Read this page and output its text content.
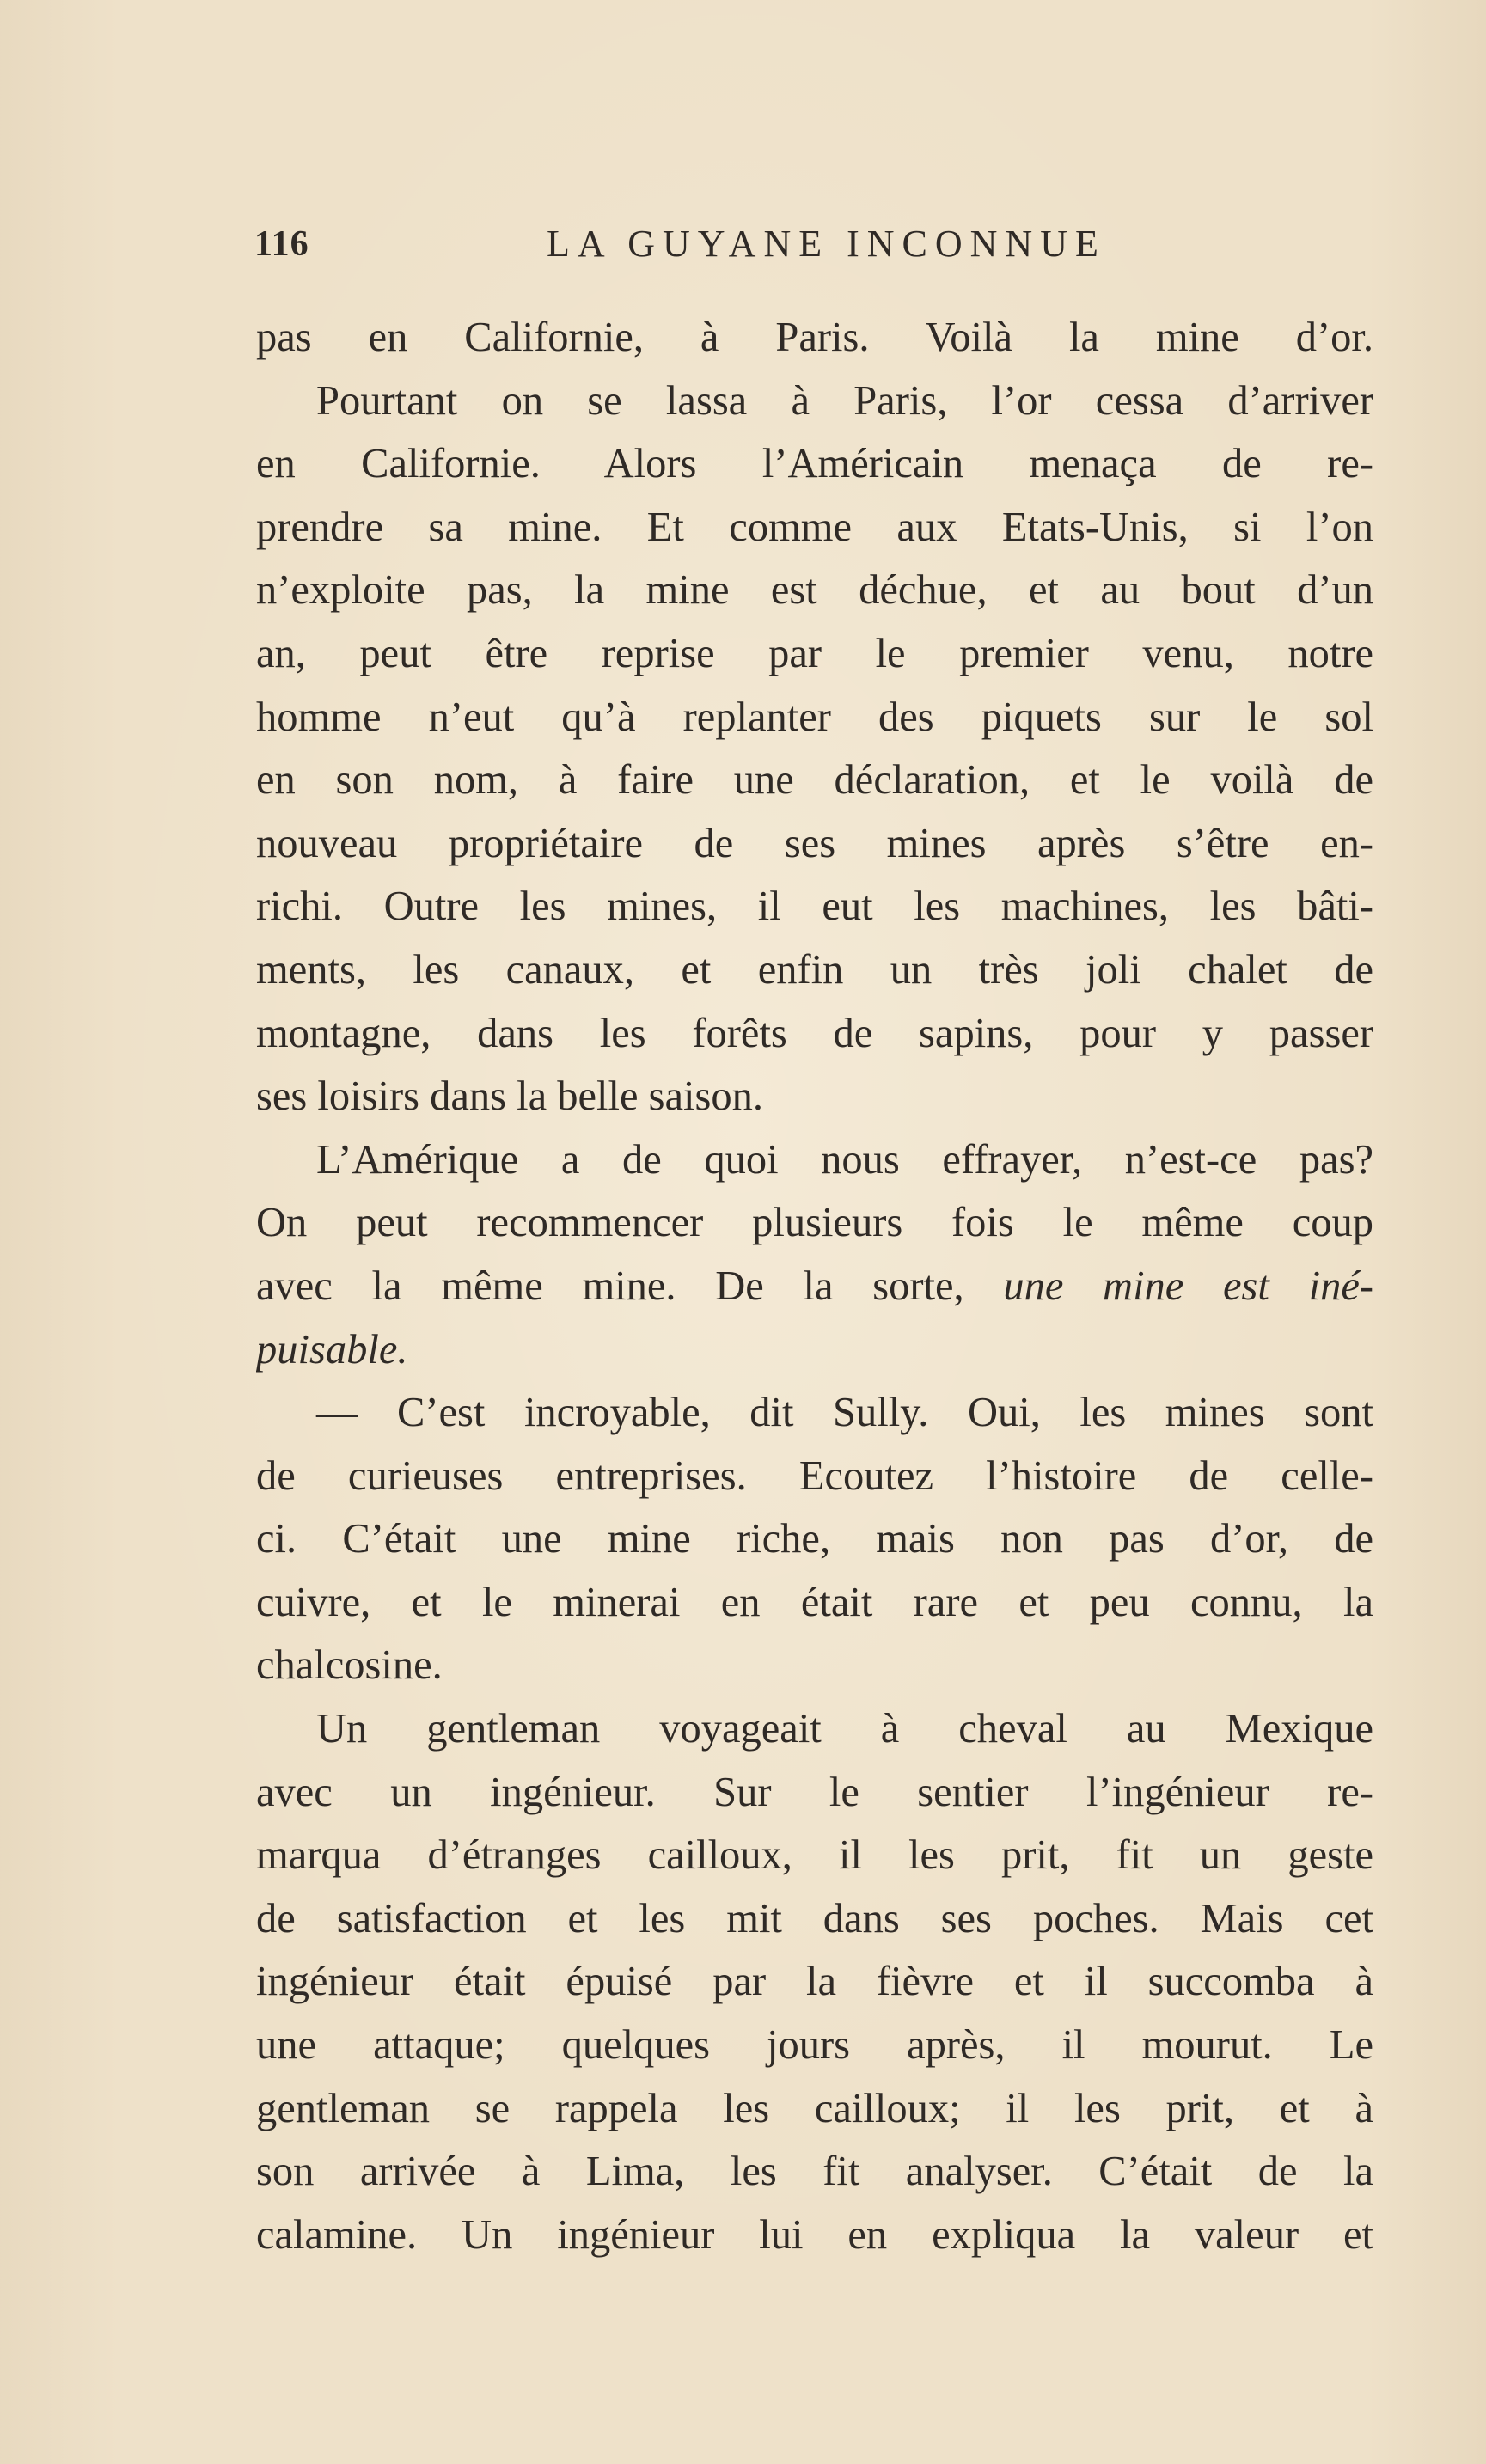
116	LA GUYANE INCONNUE
pas en Californie, à Paris. Voilà la mine d’or.
Pourtant on se lassa à Paris, l’or cessa d’arriver
en Californie. Alors l’Américain menaça de re-
prendre sa mine. Et comme aux Etats-Unis, si l’on
n’exploite pas, la mine est déchue, et au bout d’un
an, peut être reprise par le premier venu, notre
homme n’eut qu’à replanter des piquets sur le sol
en son nom, à faire une déclaration, et le voilà de
nouveau propriétaire de ses mines après s’être en-
richi. Outre les mines, il eut les machines, les bâti-
ments, les canaux, et enfin un très joli chalet de
montagne, dans les forêts de sapins, pour y passer
ses loisirs dans la belle saison.
L’Amérique a de quoi nous effrayer, n’est-ce pas?
On peut recommencer plusieurs fois le même coup
avec la même mine. De la sorte, une mine est iné-
puisable.
— C’est incroyable, dit Sully. Oui, les mines sont
de curieuses entreprises. Ecoutez l’histoire de celle-
ci. C’était une mine riche, mais non pas d’or, de
cuivre, et le minerai en était rare et peu connu, la
chalcosine.
Un gentleman voyageait à cheval au Mexique
avec un ingénieur. Sur le sentier l’ingénieur re-
marqua d’étranges cailloux, il les prit, fit un geste
de satisfaction et les mit dans ses poches. Mais cet
ingénieur était épuisé par la fièvre et il succomba à
une attaque; quelques jours après, il mourut. Le
gentleman se rappela les cailloux; il les prit, et à
son arrivée à Lima, les fit analyser. C’était de la
calamine. Un ingénieur lui en expliqua la valeur et
